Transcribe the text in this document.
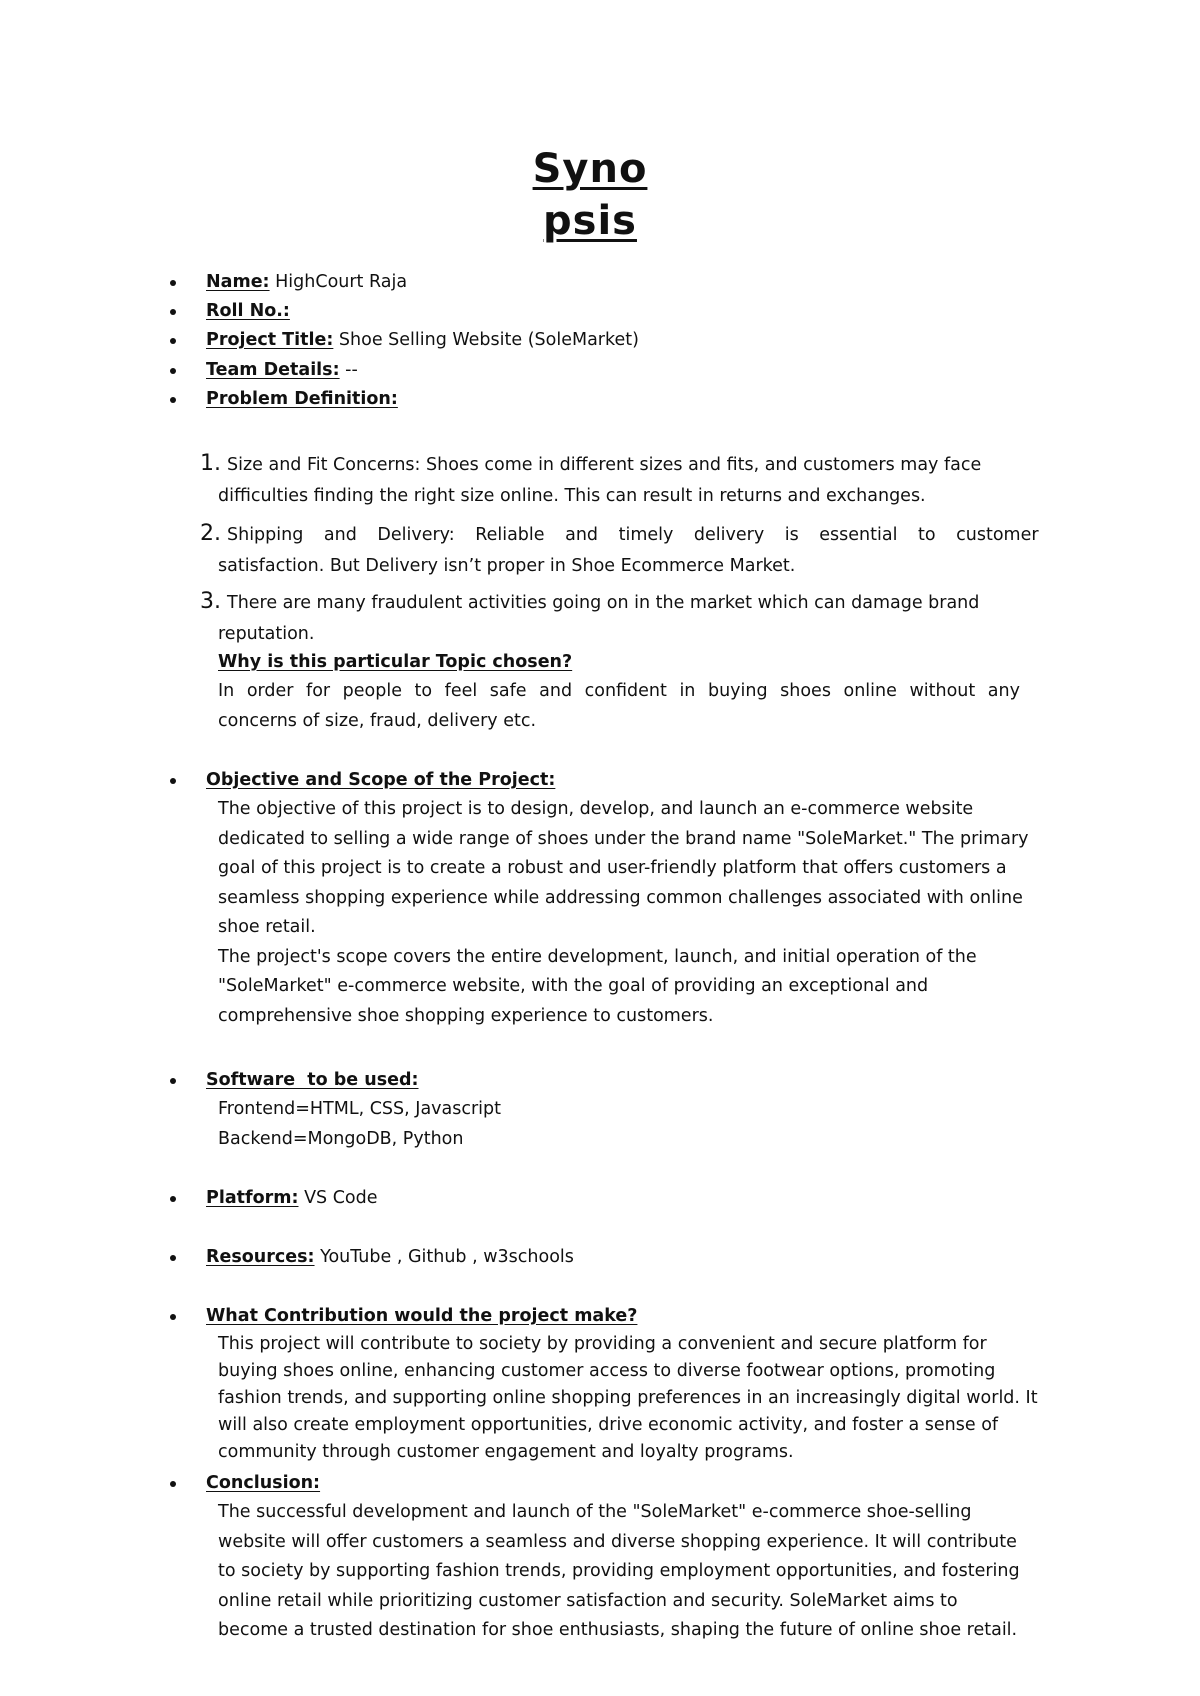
Syno
psis
Name: HighCourt Raja
Roll No.:
Project Title: Shoe Selling Website (SoleMarket)
Team Details: --
Problem Definition:
1. Size and Fit Concerns: Shoes come in different sizes and fits, and customers may face
difficulties finding the right size online. This can result in returns and exchanges.
2. Shipping and Delivery: Reliable and timely delivery is essential to customer
satisfaction. But Delivery isn’t proper in Shoe Ecommerce Market.
3. There are many fraudulent activities going on in the market which can damage brand
reputation.
Why is this particular Topic chosen?
In order for people to feel safe and confident in buying shoes online without any
concerns of size, fraud, delivery etc.
Objective and Scope of the Project:
The objective of this project is to design, develop, and launch an e-commerce website
dedicated to selling a wide range of shoes under the brand name "SoleMarket." The primary
goal of this project is to create a robust and user-friendly platform that offers customers a
seamless shopping experience while addressing common challenges associated with online
shoe retail.
The project's scope covers the entire development, launch, and initial operation of the
"SoleMarket" e-commerce website, with the goal of providing an exceptional and
comprehensive shoe shopping experience to customers.
Software  to be used:
Frontend=HTML, CSS, Javascript
Backend=MongoDB, Python
Platform: VS Code
Resources: YouTube , Github , w3schools
What Contribution would the project make?
This project will contribute to society by providing a convenient and secure platform for
buying shoes online, enhancing customer access to diverse footwear options, promoting
fashion trends, and supporting online shopping preferences in an increasingly digital world. It
will also create employment opportunities, drive economic activity, and foster a sense of
community through customer engagement and loyalty programs.
Conclusion:
The successful development and launch of the "SoleMarket" e-commerce shoe-selling
website will offer customers a seamless and diverse shopping experience. It will contribute
to society by supporting fashion trends, providing employment opportunities, and fostering
online retail while prioritizing customer satisfaction and security. SoleMarket aims to
become a trusted destination for shoe enthusiasts, shaping the future of online shoe retail.
